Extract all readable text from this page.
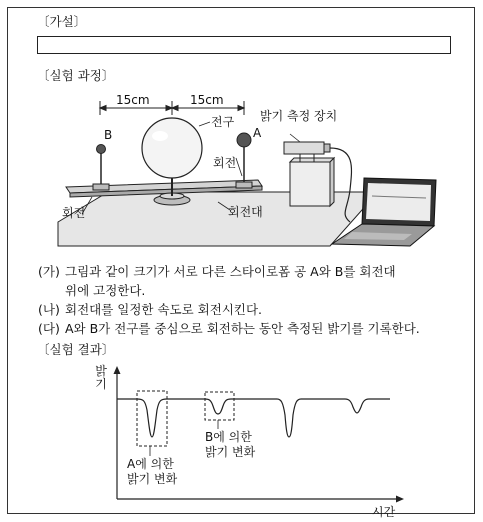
〔가설〕
〔실험 과정〕
15cm	15cm
B	A
전구 밝기 측정 장치
회전
회전	회전대
(가) 그림과 같이 크기가 서로 다른 스타이로폼 공 A와 B를 회전대
위에 고정한다.
(나) 회전대를 일정한 속도로 회전시킨다.
(다) A와 B가 전구를 중심으로 회전하는 동안 측정된 밝기를 기록한다.
〔실험 결과〕
밝기
시간
A에 의한
밝기 변화
B에 의한
밝기 변화
